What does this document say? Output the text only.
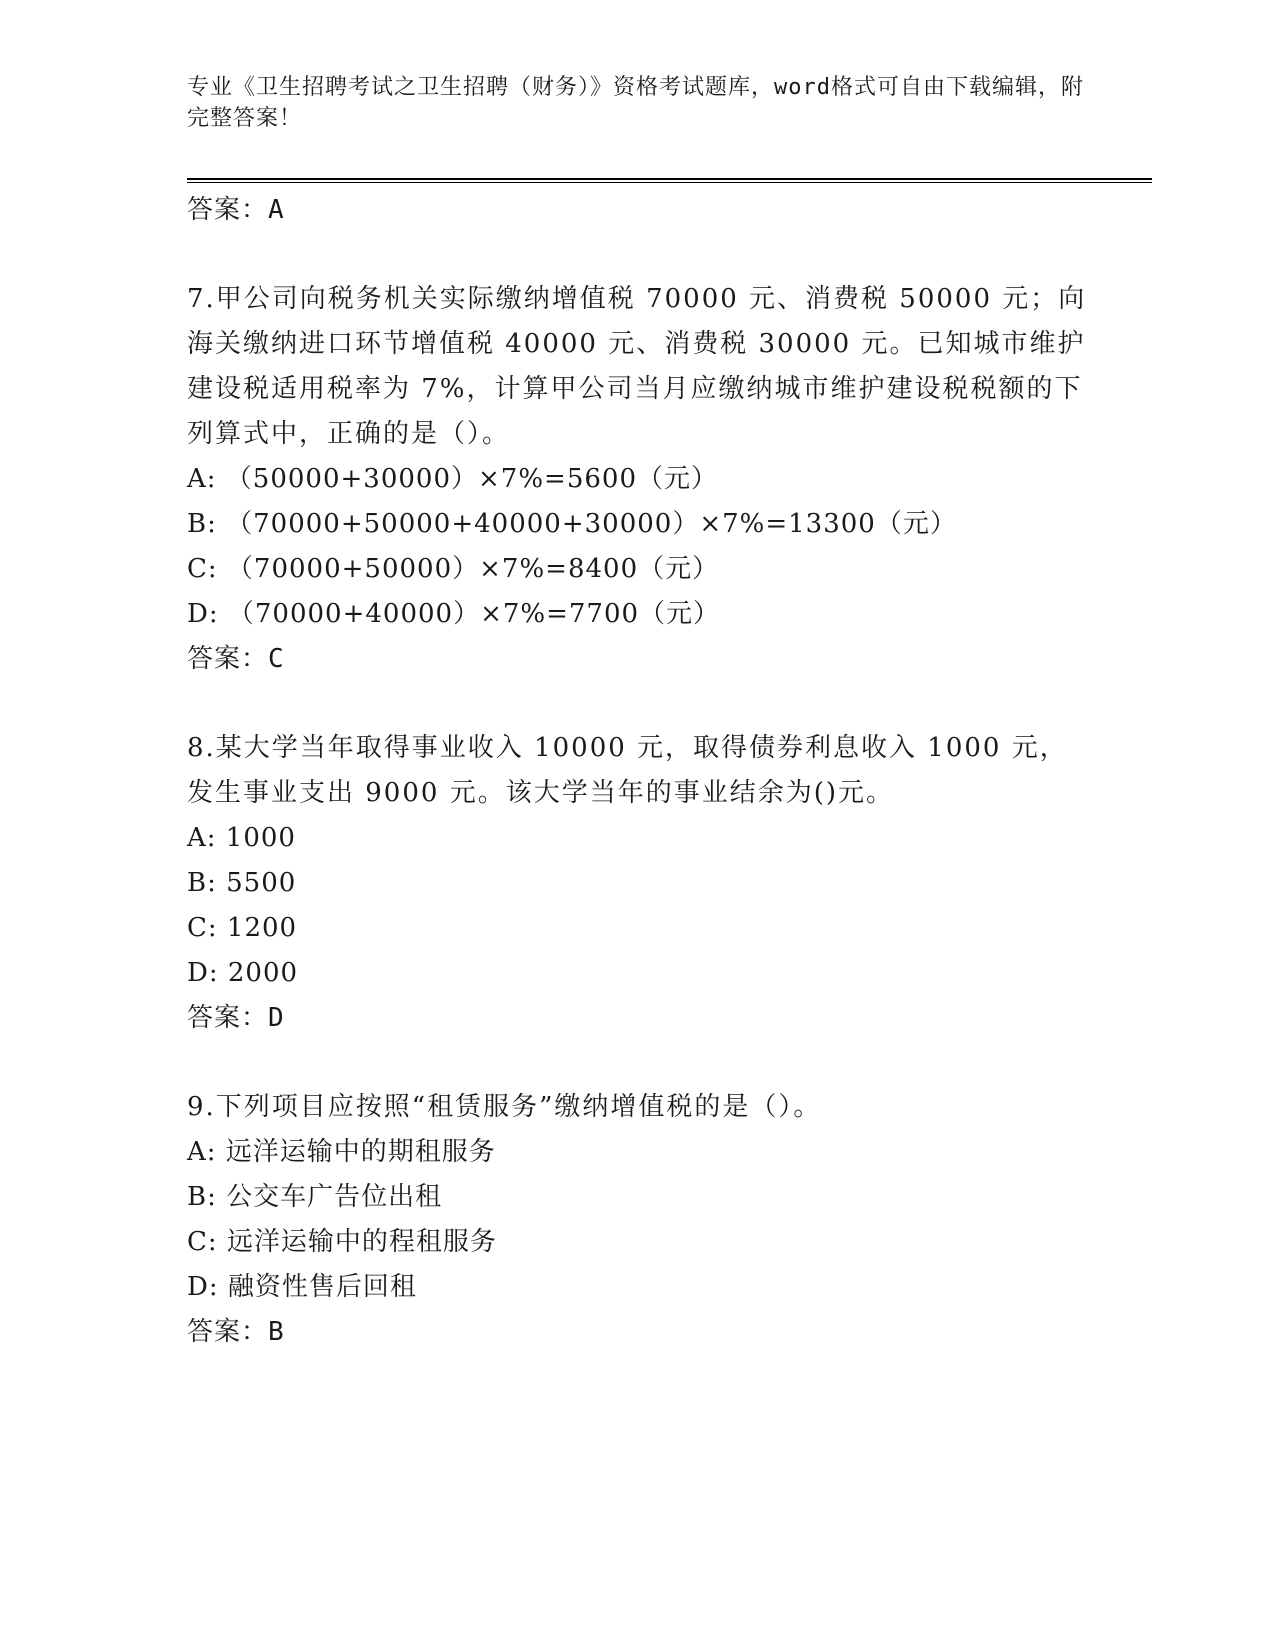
专业《卫生招聘考试之卫生招聘（财务）》资格考试题库，word格式可自由下载编辑，附完整答案！
答案：A
7.甲公司向税务机关实际缴纳增值税 70000 元、消费税 50000 元；向海关缴纳进口环节增值税 40000 元、消费税 30000 元。已知城市维护建设税适用税率为 7%，计算甲公司当月应缴纳城市维护建设税税额的下列算式中，正确的是（）。
A: （50000+30000）×7%=5600（元）
B: （70000+50000+40000+30000）×7%=13300（元）
C: （70000+50000）×7%=8400（元）
D: （70000+40000）×7%=7700（元）
答案：C
8.某大学当年取得事业收入 10000 元，取得债券利息收入 1000 元，发生事业支出 9000 元。该大学当年的事业结余为()元。
A: 1000
B: 5500
C: 1200
D: 2000
答案：D
9.下列项目应按照“租赁服务”缴纳增值税的是（）。
A: 远洋运输中的期租服务
B: 公交车广告位出租
C: 远洋运输中的程租服务
D: 融资性售后回租
答案：B
